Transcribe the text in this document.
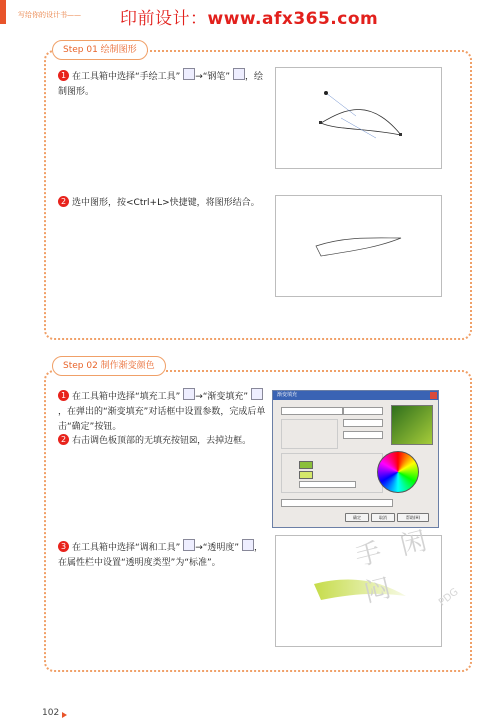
写给你的设计书—— 印前设计：www.afx365.com
Step 01 绘制图形
1 在工具箱中选择“手绘工具” →“钢笔” ，绘制图形。
2 选中图形，按<Ctrl+L>快捷键，将图形结合。
Step 02 制作渐变颜色
1 在工具箱中选择“填充工具” →“渐变填充” ，在弹出的“渐变填充”对话框中设置参数，完成后单击“确定”按钮。
2 右击调色板顶部的无填充按钮☒，去掉边框。
渐变填充
确定	取消	帮助(H)
3 在工具箱中选择“调和工具” →“透明度” ，在属性栏中设置“透明度类型”为“标准”。	手 闲 闷	PDG
102
